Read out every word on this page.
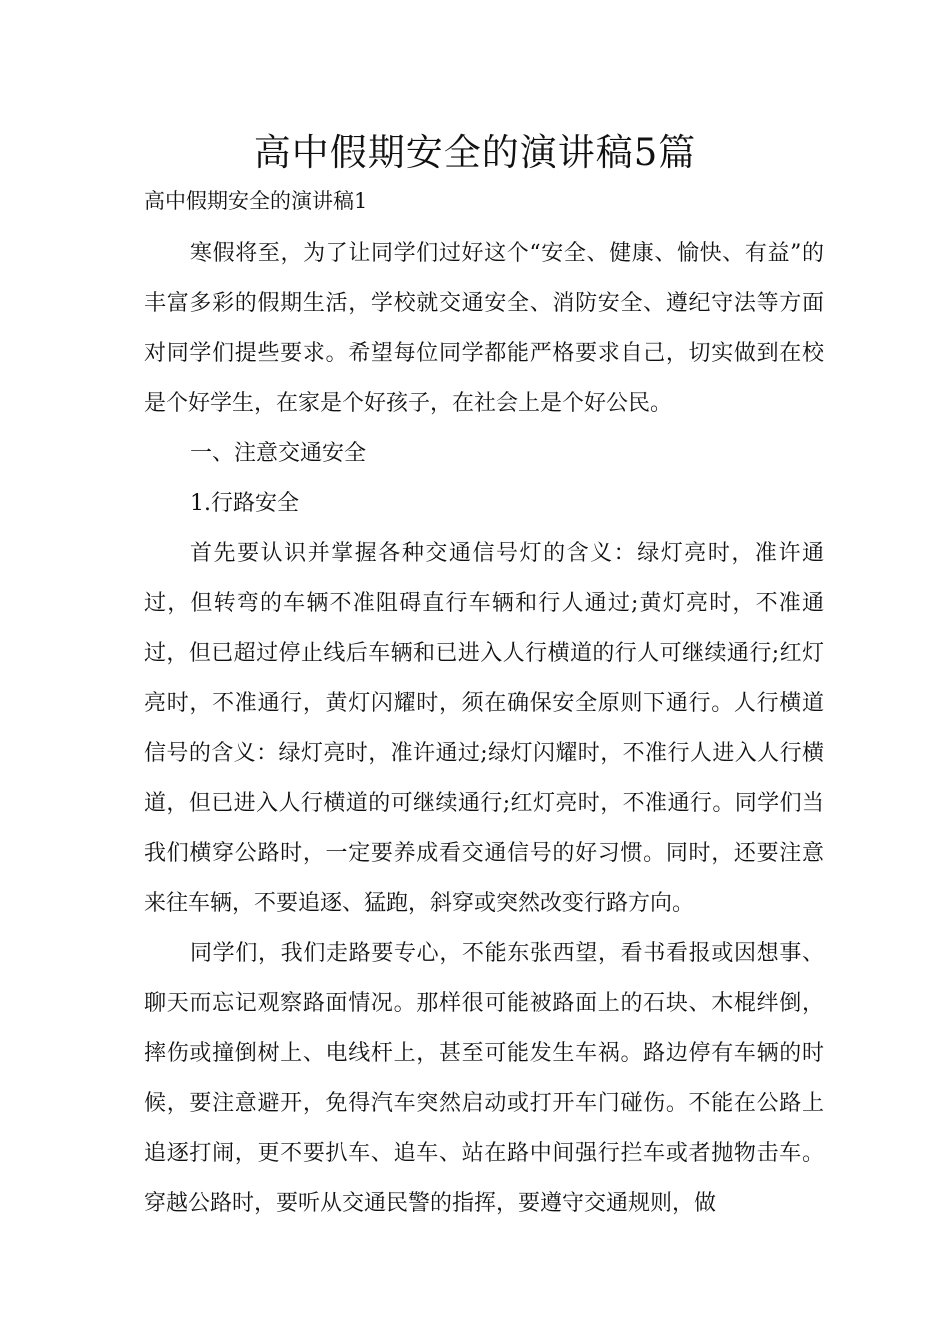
高中假期安全的演讲稿5篇
高中假期安全的演讲稿1

寒假将至，为了让同学们过好这个“安全、健康、愉快、有益”的丰富多彩的假期生活，学校就交通安全、消防安全、遵纪守法等方面对同学们提些要求。希望每位同学都能严格要求自己，切实做到在校是个好学生，在家是个好孩子，在社会上是个好公民。

一、注意交通安全

1.行路安全

首先要认识并掌握各种交通信号灯的含义：绿灯亮时，准许通过，但转弯的车辆不准阻碍直行车辆和行人通过;黄灯亮时，不准通过，但已超过停止线后车辆和已进入人行横道的行人可继续通行;红灯亮时，不准通行，黄灯闪耀时，须在确保安全原则下通行。人行横道信号的含义：绿灯亮时，准许通过;绿灯闪耀时，不准行人进入人行横道，但已进入人行横道的可继续通行;红灯亮时，不准通行。同学们当我们横穿公路时，一定要养成看交通信号的好习惯。同时，还要注意来往车辆，不要追逐、猛跑，斜穿或突然改变行路方向。

同学们，我们走路要专心，不能东张西望，看书看报或因想事、聊天而忘记观察路面情况。那样很可能被路面上的石块、木棍绊倒，摔伤或撞倒树上、电线杆上，甚至可能发生车祸。路边停有车辆的时候，要注意避开，免得汽车突然启动或打开车门碰伤。不能在公路上追逐打闹，更不要扒车、追车、站在路中间强行拦车或者抛物击车。穿越公路时，要听从交通民警的指挥，要遵守交通规则，做
